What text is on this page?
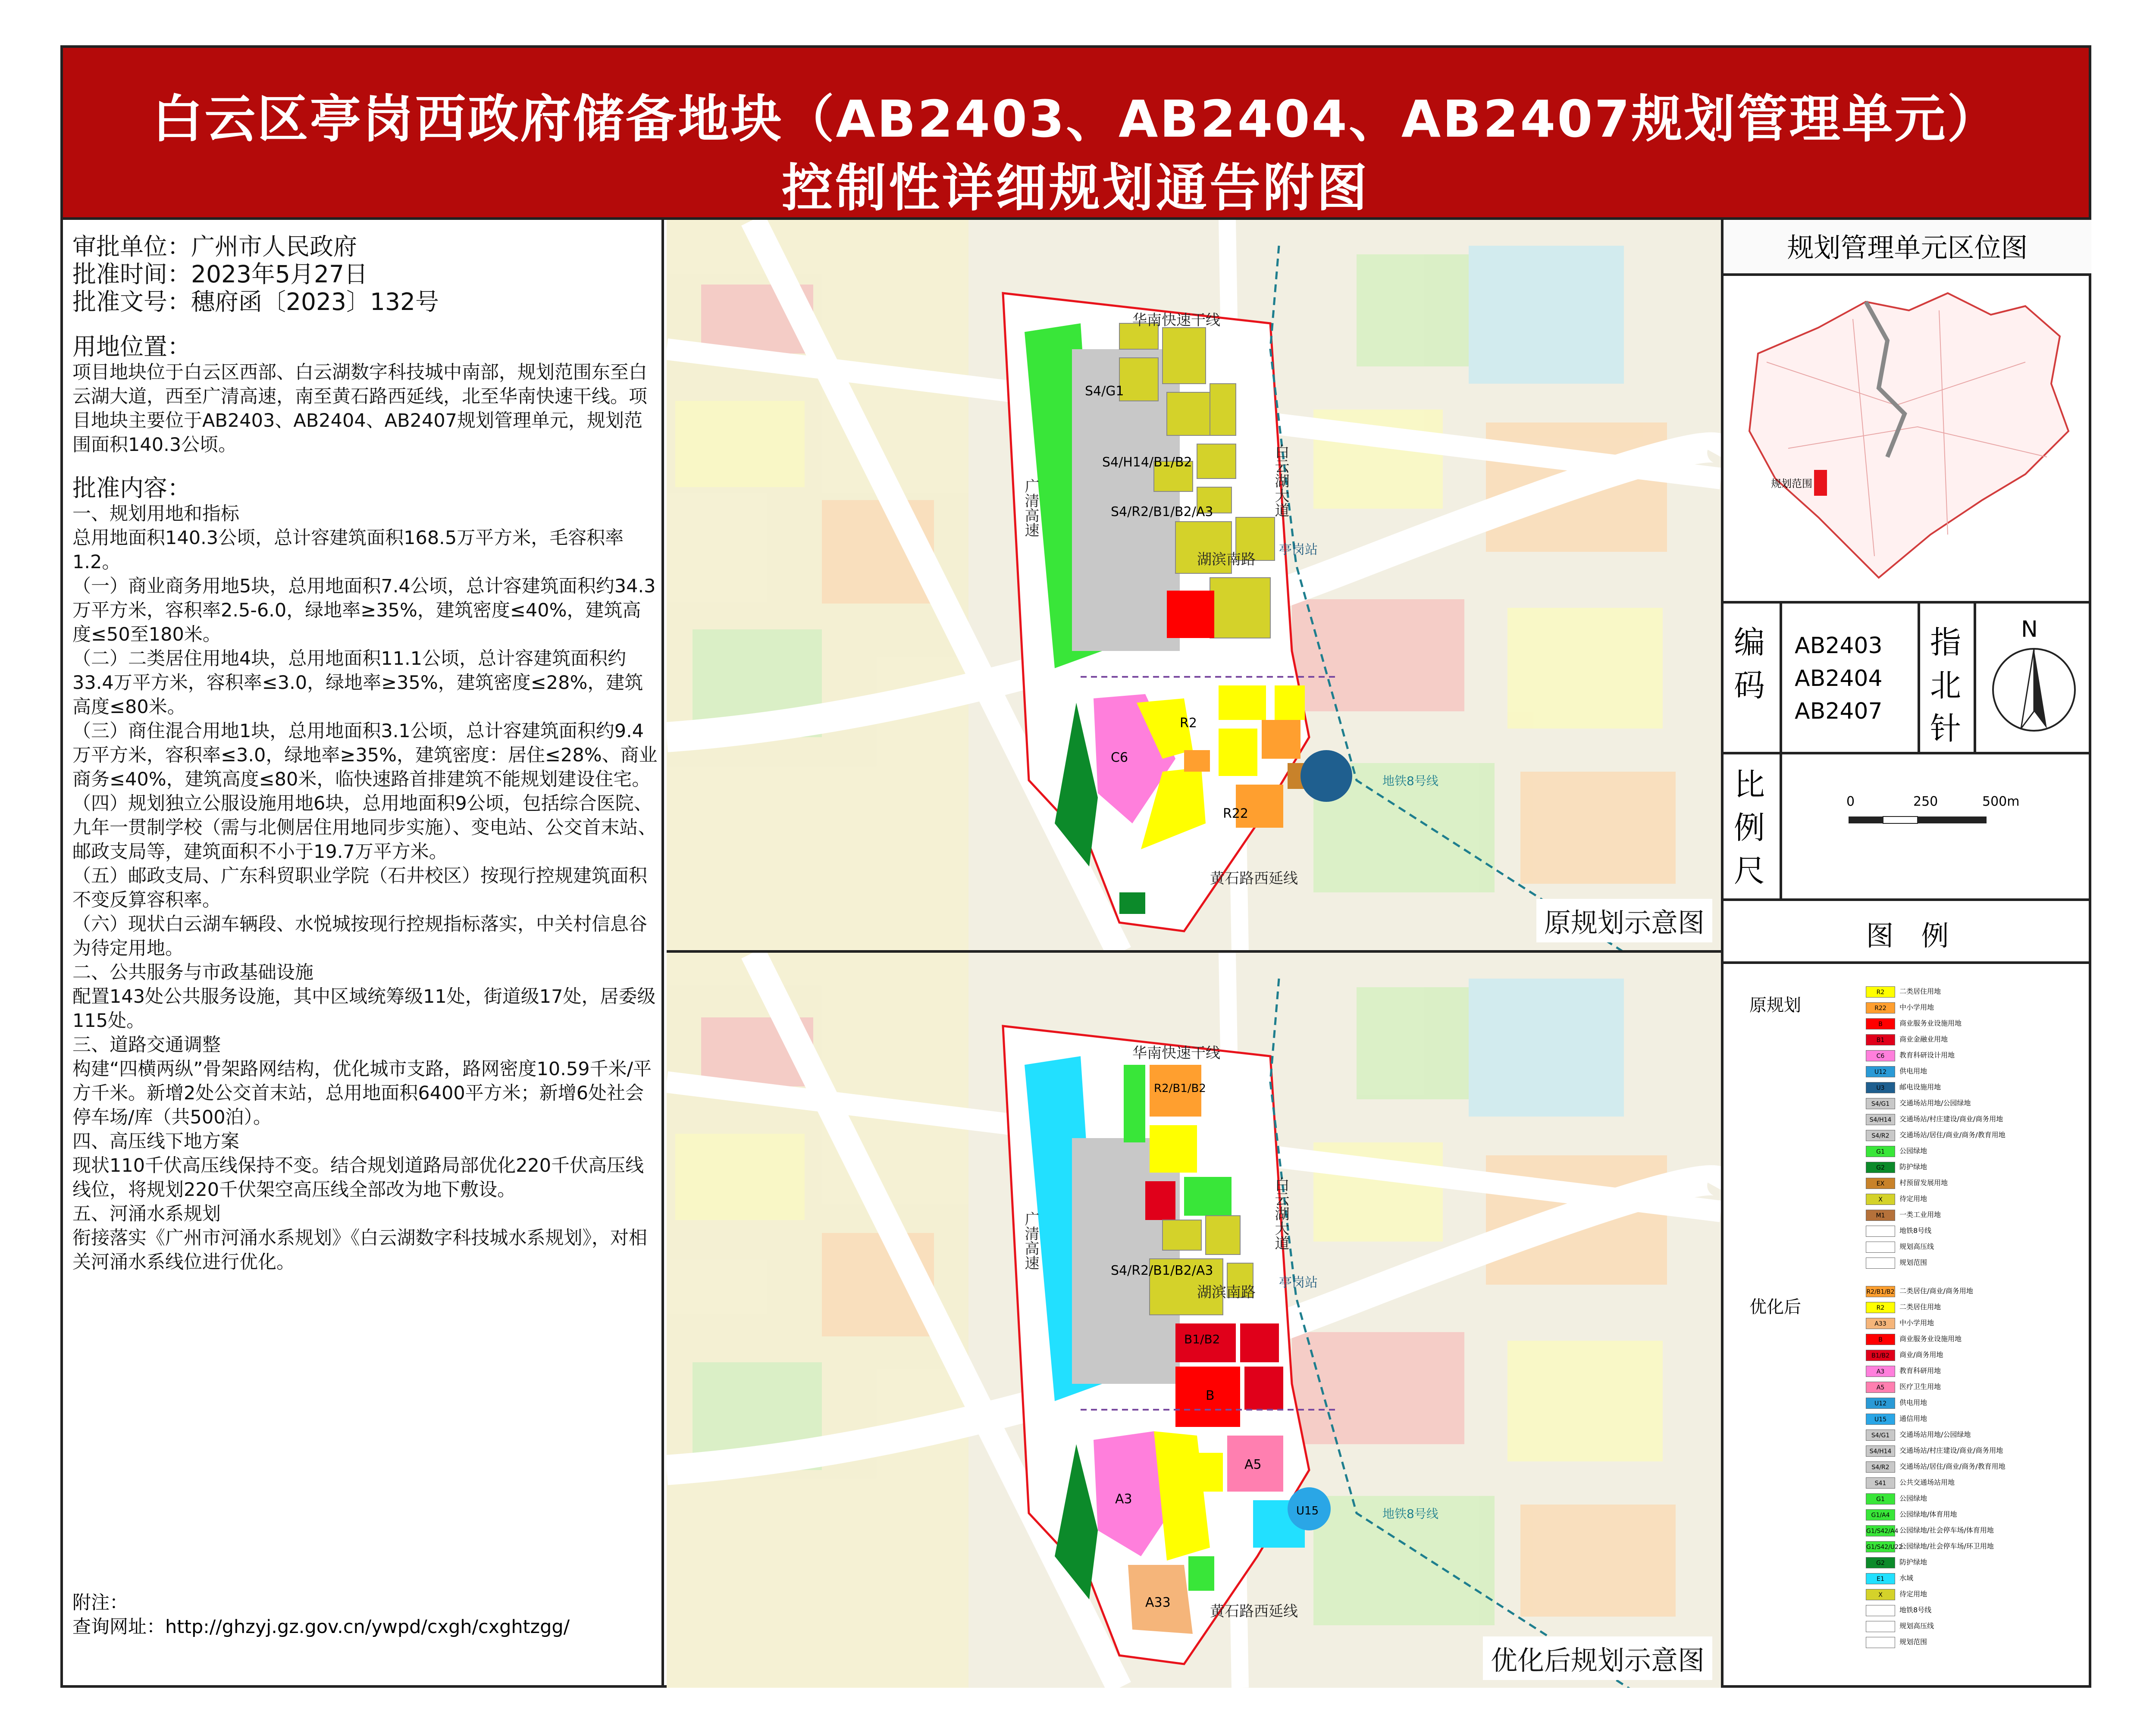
白云区亭岗西政府储备地块（AB2403、AB2404、AB2407规划管理单元）
控制性详细规划通告附图

审批单位：广州市人民政府

批准时间：2023年5月27日

批准文号：穗府函〔2023〕132号

用地位置：

项目地块位于白云区西部、白云湖数字科技城中南部，规划范围东至白云湖大道，西至广清高速，南至黄石路西延线，北至华南快速干线。项目地块主要位于AB2403、AB2404、AB2407规划管理单元，规划范围面积140.3公顷。

批准内容：

一、规划用地和指标

总用地面积140.3公顷，总计容建筑面积168.5万平方米，毛容积率1.2。

（一）商业商务用地5块，总用地面积7.4公顷，总计容建筑面积约34.3万平方米，容积率2.5-6.0，绿地率≥35%，建筑密度≤40%，建筑高度≤50至180米。

（二）二类居住用地4块，总用地面积11.1公顷，总计容建筑面积约33.4万平方米，容积率≤3.0，绿地率≥35%，建筑密度≤28%，建筑高度≤80米。

（三）商住混合用地1块，总用地面积3.1公顷，总计容建筑面积约9.4万平方米，容积率≤3.0，绿地率≥35%，建筑密度：居住≤28%、商业商务≤40%，建筑高度≤80米，临快速路首排建筑不能规划建设住宅。

（四）规划独立公服设施用地6块，总用地面积9公顷，包括综合医院、九年一贯制学校（需与北侧居住用地同步实施）、变电站、公交首末站、邮政支局等，建筑面积不小于19.7万平方米。

（五）邮政支局、广东科贸职业学院（石井校区）按现行控规建筑面积不变反算容积率。

（六）现状白云湖车辆段、水悦城按现行控规指标落实，中关村信息谷为待定用地。

二、公共服务与市政基础设施

配置143处公共服务设施，其中区域统筹级11处，街道级17处，居委级115处。

三、道路交通调整

构建“四横两纵”骨架路网结构，优化城市支路，路网密度10.59千米/平方千米。新增2处公交首末站，总用地面积6400平方米；新增6处社会停车场/库（共500泊）。

四、高压线下地方案

现状110千伏高压线保持不变。结合规划道路局部优化220千伏高压线线位，将规划220千伏架空高压线全部改为地下敷设。

五、河涌水系规划

衔接落实《广州市河涌水系规划》《白云湖数字科技城水系规划》，对相关河涌水系线位进行优化。

附注：

查询网址：http://ghzyj.gz.gov.cn/ywpd/cxgh/cxghtzgg/

华南快速干线
广清高速	白云湖大道
湖滨南路
亭岗站
黄石路西延线
地铁8号线
S4/R2/B1/B2/A3
S4/G1
S4/H14/B1/B2
C6
R2
R22
原规划示意图
华南快速干线
广清高速	白云湖大道
湖滨南路
亭岗站
黄石路西延线
地铁8号线
R2/B1/B2
S4/R2/B1/B2/A3
B1/B2
B
A3
A5
A33
U15
优化后规划示意图
规划管理单元区位图
规划范围
编码
AB2403
AB2404
AB2407
指北针
N
比例尺
0	250	500m
图　例
原规划
R2 二类居住用地
R22 中小学用地
B 商业服务业设施用地
B1 商业金融业用地
C6 教育科研设计用地
U12 供电用地
U3 邮电设施用地
S4/G1 交通场站用地/公园绿地
S4/H14 交通场站/村庄建设/商业/商务用地
S4/R2 交通场站/居住/商业/商务/教育用地
G1 公园绿地
G2 防护绿地
EX 村预留发展用地
X 待定用地
M1 一类工业用地
地铁8号线
规划高压线
规划范围
优化后
R2/B1/B2 二类居住/商业/商务用地
R2 二类居住用地
A33 中小学用地
B 商业服务业设施用地
B1/B2 商业/商务用地
A3 教育科研用地
A5 医疗卫生用地
U12 供电用地
U15 通信用地
S4/G1 交通场站用地/公园绿地
S4/H14 交通场站/村庄建设/商业/商务用地
S4/R2 交通场站/居住/商业/商务/教育用地
S41 公共交通场站用地
G1 公园绿地
G1/A4 公园绿地/体育用地
G1/S42/A4 公园绿地/社会停车场/体育用地
G1/S42/U22公园绿地/社会停车场/环卫用地
G2 防护绿地
E1 水域
X 待定用地
地铁8号线
规划高压线
规划范围
